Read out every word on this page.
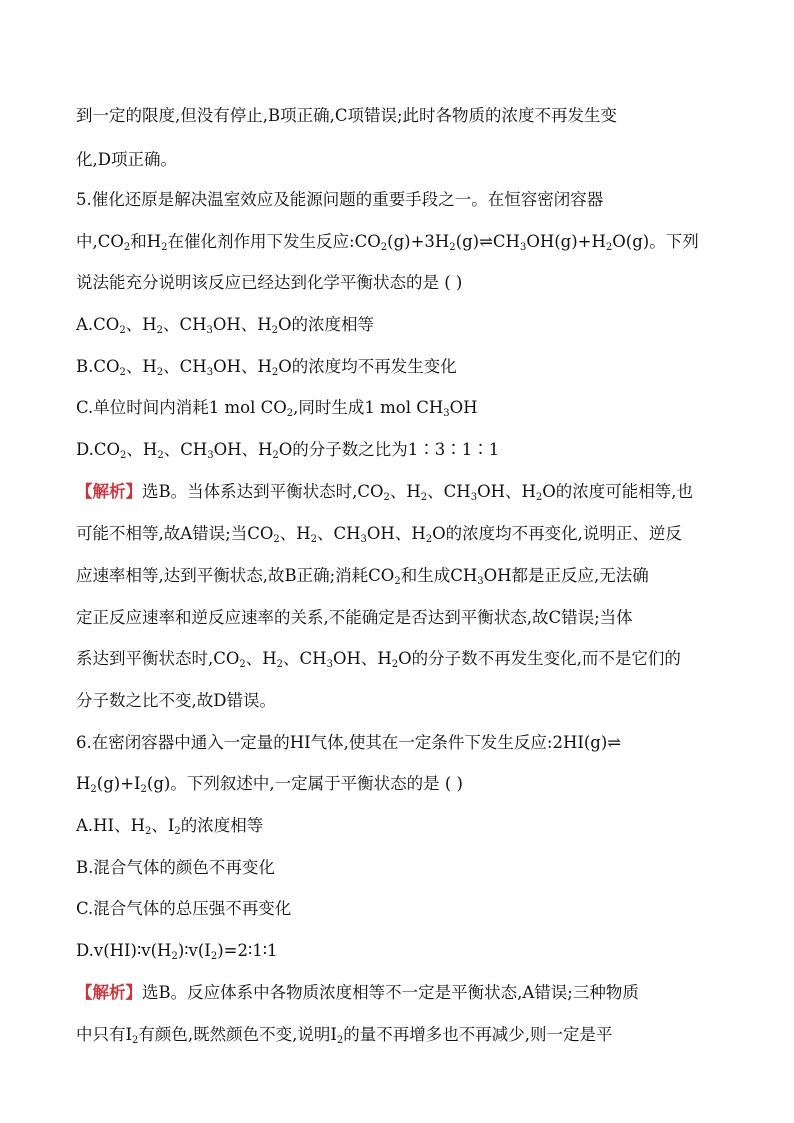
到一定的限度,但没有停止,B项正确,C项错误;此时各物质的浓度不再发生变
化,D项正确。
5.催化还原是解决温室效应及能源问题的重要手段之一。在恒容密闭容器
中$,CO_2$和$H_2$在催化剂作用下发生反应$:CO_2(g)+3H_2(g)\rightleftharpoons CH_3OH(g)+H_2O(g)$。下列
说法能充分说明该反应已经达到化学平衡状态的是 ( )
$A.CO_2$、$H_2$、$CH_3OH$、$H_2O$的浓度相等
$B.CO_2$、$H_2$、$CH_3OH$、$H_2O$的浓度均不再发生变化
C.单位时间内消耗1 mol $CO_2$,同时生成1 mol $CH_3OH$
$D.CO_2$、$H_2$、$CH_3OH$、$H_2O$的分子数之比为1∶3∶1∶1
【解析】选B。当体系达到平衡状态时$,CO_2$、$H_2$、$CH_3OH$、$H_2O$的浓度可能相等,也
可能不相等,故A错误;当$CO_2$、$H_2$、$CH_3OH$、$H_2O$的浓度均不再变化,说明正、逆反
应速率相等,达到平衡状态,故B正确;消耗$CO_2$和生成$CH_3OH$都是正反应,无法确
定正反应速率和逆反应速率的关系,不能确定是否达到平衡状态,故C错误;当体
系达到平衡状态时$,CO_2$、$H_2$、$CH_3OH$、$H_2O$的分子数不再发生变化,而不是它们的
分子数之比不变,故D错误。
6.在密闭容器中通入一定量的HI气体,使其在一定条件下发生反应:2HI(g)⇌
$H_2(g)+I_2(g)$。下列叙述中,一定属于平衡状态的是 ( )
A.HI、$H_2$、$I_2$的浓度相等
B.混合气体的颜色不再变化
C.混合气体的总压强不再变化
$D.v(HI)∶v(H_2)∶v(I_2)=2∶1∶1$
【解析】选B。反应体系中各物质浓度相等不一定是平衡状态,A错误;三种物质
中只有$I_2$有颜色,既然颜色不变,说明$I_2$的量不再增多也不再减少,则一定是平
